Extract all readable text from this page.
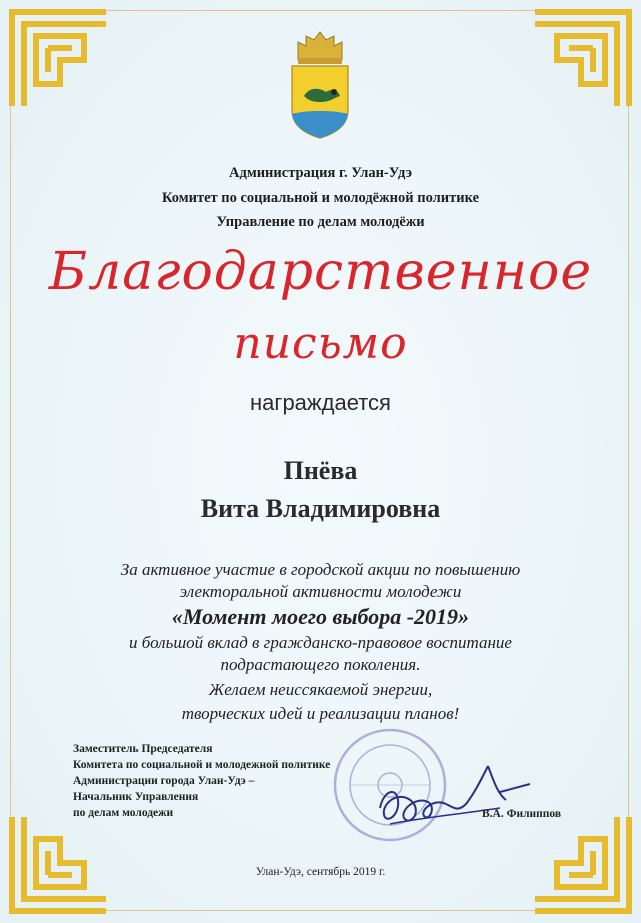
Администрация г. Улан-Удэ
Комитет по социальной и молодёжной политике
Управление по делам молодёжи
Благодарственное
письмо
награждается
Пнёва
Вита Владимировна
За активное участие в городской акции по повышению
электоральной активности молодежи
«Момент моего выбора -2019»
и большой вклад в гражданско-правовое воспитание
подрастающего поколения.
Желаем неиссякаемой энергии,
творческих идей и реализации планов!
Заместитель Председателя
Комитета по социальной и молодежной политике
Администрации города Улан-Удэ –
Начальник Управления
по делам молодежи	В.А. Филиппов
Улан-Удэ, сентябрь 2019 г.
